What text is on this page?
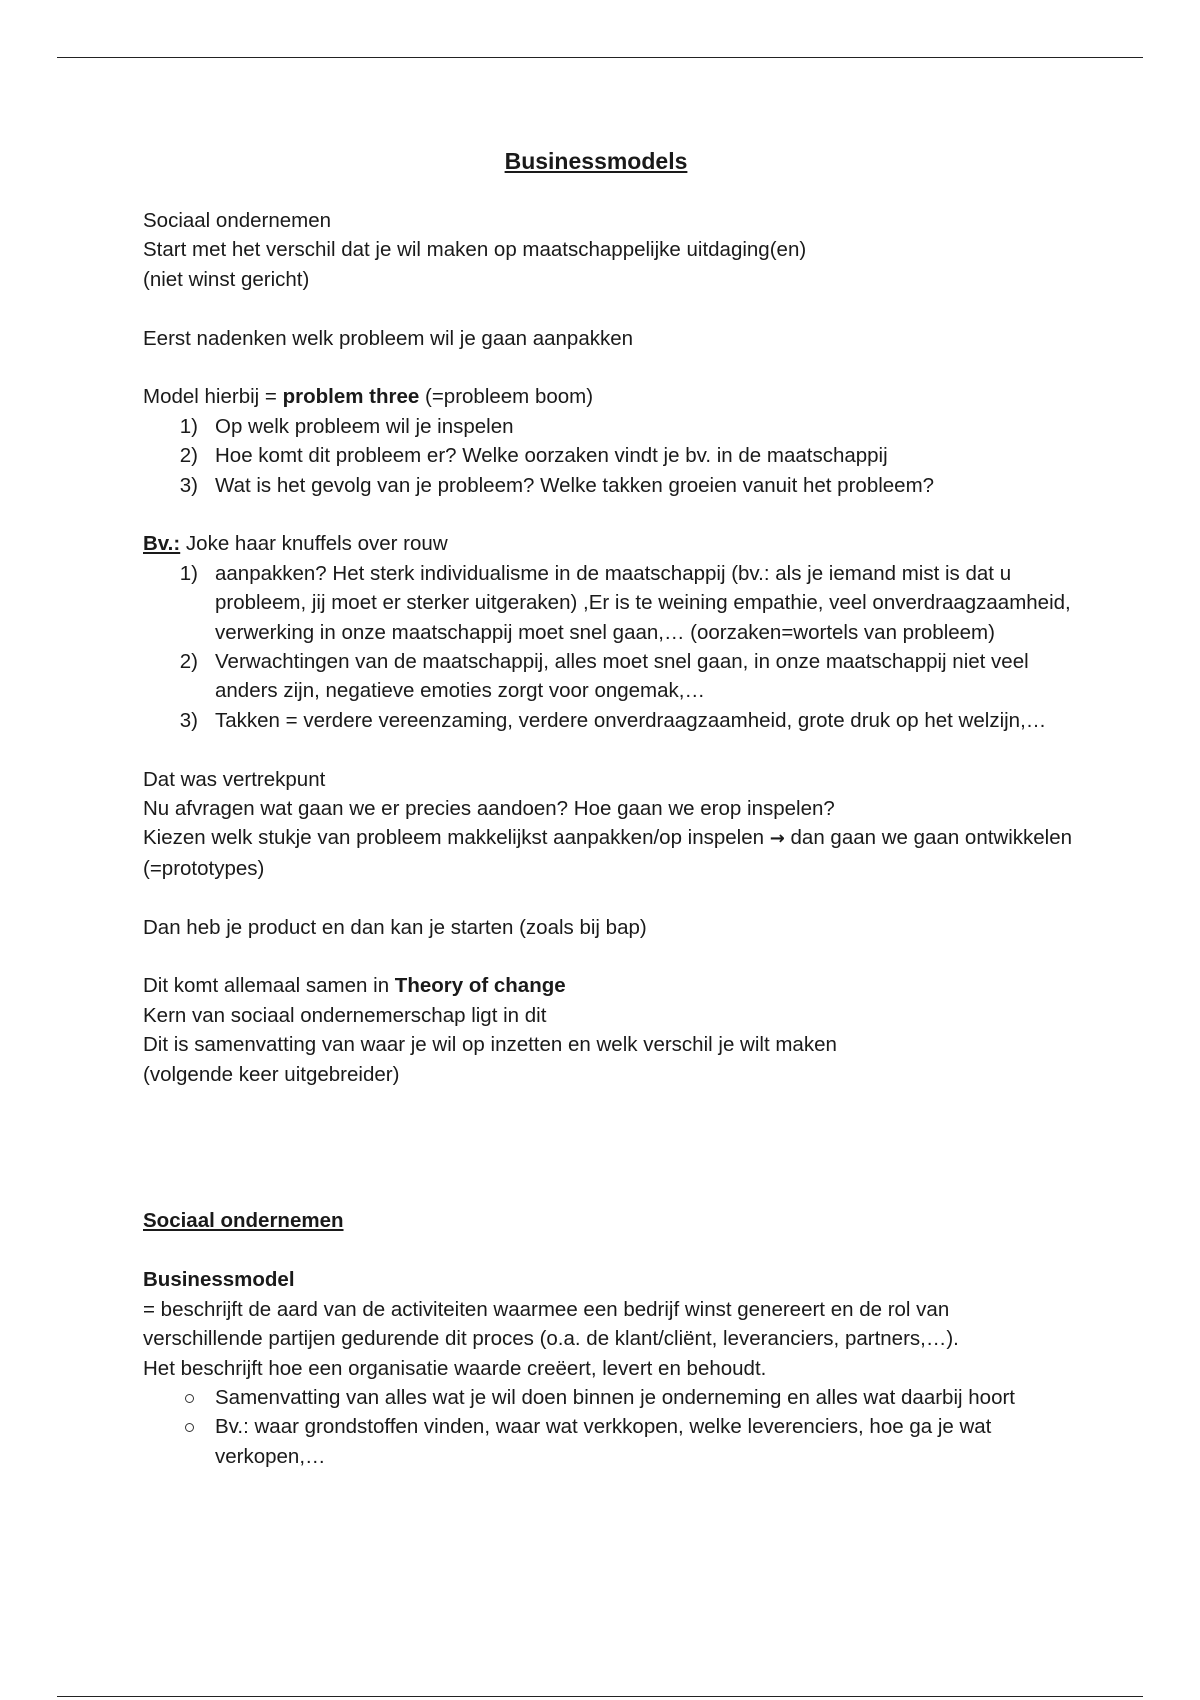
Businessmodels

Sociaal ondernemen

Start met het verschil dat je wil maken op maatschappelijke uitdaging(en)

(niet winst gericht)

Eerst nadenken welk probleem wil je gaan aanpakken

Model hierbij = problem three (=probleem boom)

1) Op welk probleem wil je inspelen
2) Hoe komt dit probleem er? Welke oorzaken vindt je bv. in de maatschappij
3) Wat is het gevolg van je probleem? Welke takken groeien vanuit het probleem?

Bv.: Joke haar knuffels over rouw

1) aanpakken? Het sterk individualisme in de maatschappij (bv.: als je iemand mist is dat u probleem, jij moet er sterker uitgeraken) ,Er is te weining empathie, veel onverdraagzaamheid, verwerking in onze maatschappij moet snel gaan,… (oorzaken=wortels van probleem)
2) Verwachtingen van de maatschappij, alles moet snel gaan, in onze maatschappij niet veel anders zijn, negatieve emoties zorgt voor ongemak,…
3) Takken = verdere vereenzaming, verdere onverdraagzaamheid, grote druk op het welzijn,…

Dat was vertrekpunt

Nu afvragen wat gaan we er precies aandoen? Hoe gaan we erop inspelen?

Kiezen welk stukje van probleem makkelijkst aanpakken/op inspelen → dan gaan we gaan ontwikkelen (=prototypes)

Dan heb je product en dan kan je starten (zoals bij bap)

Dit komt allemaal samen in Theory of change

Kern van sociaal ondernemerschap ligt in dit

Dit is samenvatting van waar je wil op inzetten en welk verschil je wilt maken

(volgende keer uitgebreider)

Sociaal ondernemen

Businessmodel

= beschrijft de aard van de activiteiten waarmee een bedrijf winst genereert en de rol van verschillende partijen gedurende dit proces (o.a. de klant/cliënt, leveranciers, partners,…).

Het beschrijft hoe een organisatie waarde creëert, levert en behoudt.

Samenvatting van alles wat je wil doen binnen je onderneming en alles wat daarbij hoort
Bv.: waar grondstoffen vinden, waar wat verkkopen, welke leverenciers, hoe ga je wat verkopen,…
